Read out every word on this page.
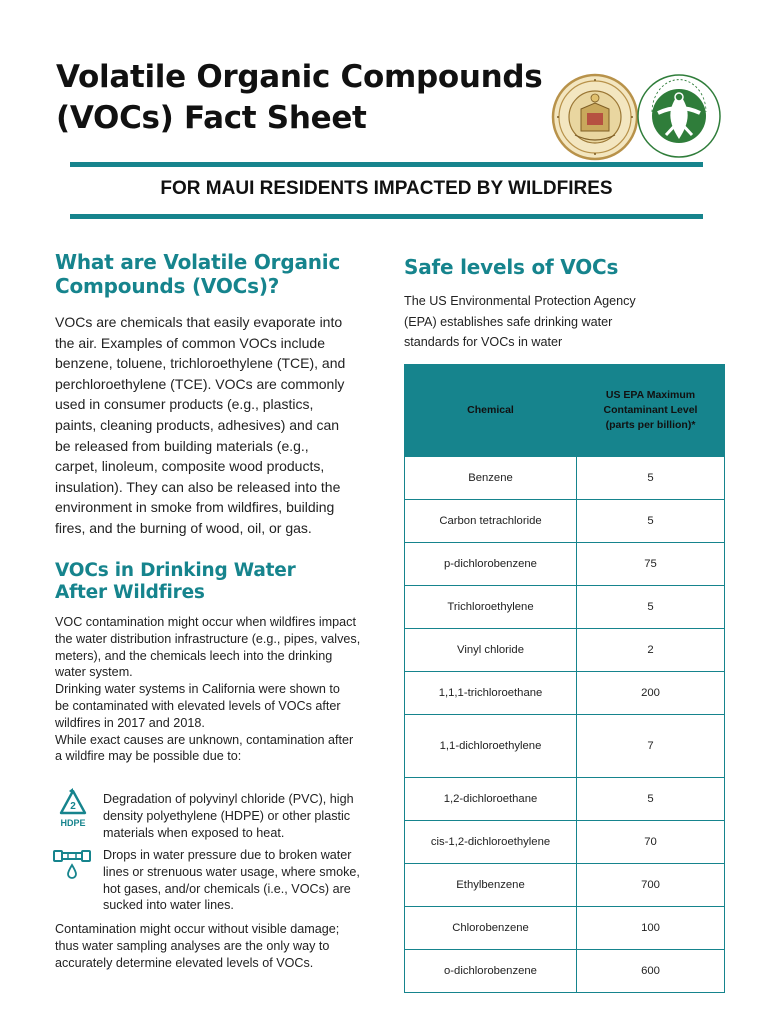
Volatile Organic Compounds
(VOCs) Fact Sheet
FOR MAUI RESIDENTS IMPACTED BY WILDFIRES
What are Volatile Organic
Compounds (VOCs)?
VOCs are chemicals that easily evaporate into
the air. Examples of common VOCs include
benzene, toluene, trichloroethylene (TCE), and
perchloroethylene (TCE). VOCs are commonly
used in consumer products (e.g., plastics,
paints, cleaning products, adhesives) and can
be released from building materials (e.g.,
carpet, linoleum, composite wood products,
insulation). They can also be released into the
environment in smoke from wildfires, building
fires, and the burning of wood, oil, or gas.
VOCs in Drinking Water
After Wildfires
VOC contamination might occur when wildfires impact
the water distribution infrastructure (e.g., pipes, valves,
meters), and the chemicals leech into the drinking
water system.
Drinking water systems in California were shown to
be contaminated with elevated levels of VOCs after
wildfires in 2017 and 2018.
While exact causes are unknown, contamination after
a wildfire may be possible due to:
2
HDPE
Degradation of polyvinyl chloride (PVC), high
density polyethylene (HDPE) or other plastic
materials when exposed to heat.
Drops in water pressure due to broken water
lines or strenuous water usage, where smoke,
hot gases, and/or chemicals (i.e., VOCs) are
sucked into water lines.
Contamination might occur without visible damage;
thus water sampling analyses are the only way to
accurately determine elevated levels of VOCs.
Safe levels of VOCs
The US Environmental Protection Agency
(EPA) establishes safe drinking water
standards for VOCs in water
Chemical	US EPA Maximum
Contaminant Level
(parts per billion)*

Benzene	5
Carbon tetrachloride	5
p-dichlorobenzene	75
Trichloroethylene	5
Vinyl chloride	2
1,1,1-trichloroethane	200
1,1-dichloroethylene	7
1,2-dichloroethane	5
cis-1,2-dichloroethylene	70
Ethylbenzene	700
Chlorobenzene	100
o-dichlorobenzene	600
